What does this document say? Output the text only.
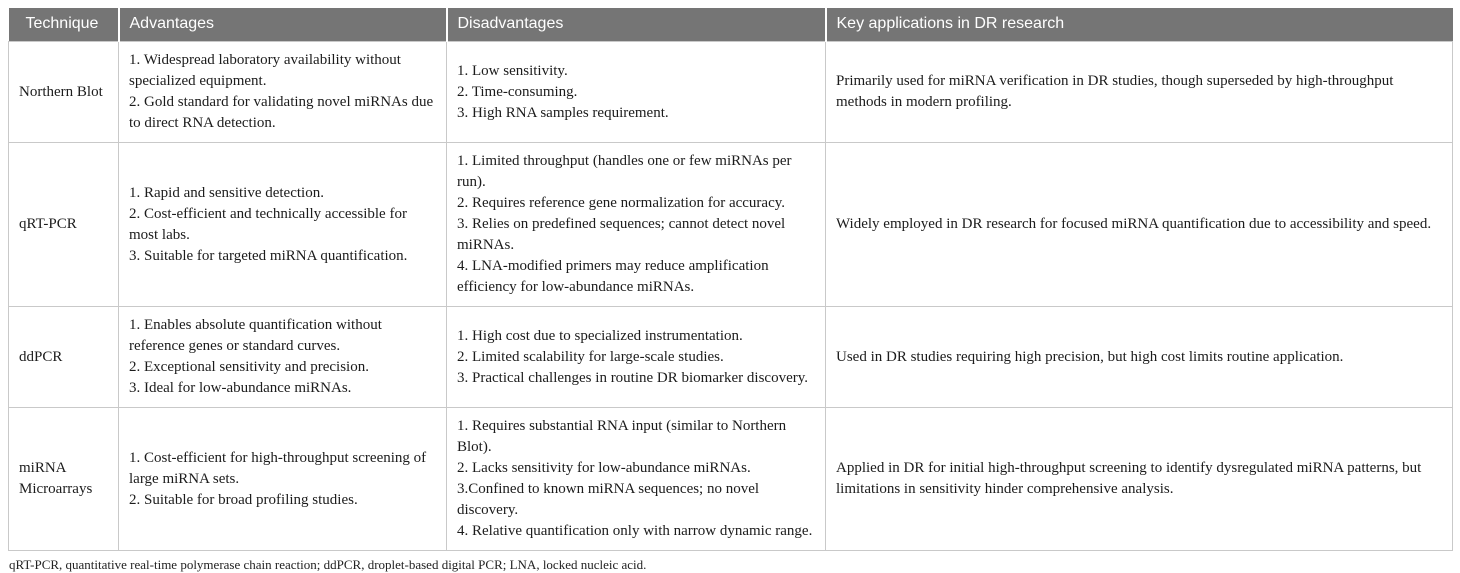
Technique	Advantages	Disadvantages	Key applications in DR research
Northern Blot	1. Widespread laboratory availability without specialized equipment.
2. Gold standard for validating novel miRNAs due to direct RNA detection.	1. Low sensitivity.
2. Time-consuming.
3. High RNA samples requirement.	Primarily used for miRNA verification in DR studies, though superseded by high-throughput methods in modern profiling.
qRT-PCR	1. Rapid and sensitive detection.
2. Cost-efficient and technically accessible for most labs.
3. Suitable for targeted miRNA quantification.	1. Limited throughput (handles one or few miRNAs per run).
2. Requires reference gene normalization for accuracy.
3. Relies on predefined sequences; cannot detect novel miRNAs.
4. LNA-modified primers may reduce amplification efficiency for low-abundance miRNAs.	Widely employed in DR research for focused miRNA quantification due to accessibility and speed.
ddPCR	1. Enables absolute quantification without reference genes or standard curves.
2. Exceptional sensitivity and precision.
3. Ideal for low-abundance miRNAs.	1. High cost due to specialized instrumentation.
2. Limited scalability for large-scale studies.
3. Practical challenges in routine DR biomarker discovery.	Used in DR studies requiring high precision, but high cost limits routine application.
miRNA Microarrays	1. Cost-efficient for high-throughput screening of large miRNA sets.
2. Suitable for broad profiling studies.	1. Requires substantial RNA input (similar to Northern Blot).
2. Lacks sensitivity for low-abundance miRNAs.
3.Confined to known miRNA sequences; no novel discovery.
4. Relative quantification only with narrow dynamic range.	Applied in DR for initial high-throughput screening to identify dysregulated miRNA patterns, but limitations in sensitivity hinder comprehensive analysis.
qRT-PCR, quantitative real-time polymerase chain reaction; ddPCR, droplet-based digital PCR; LNA, locked nucleic acid.
